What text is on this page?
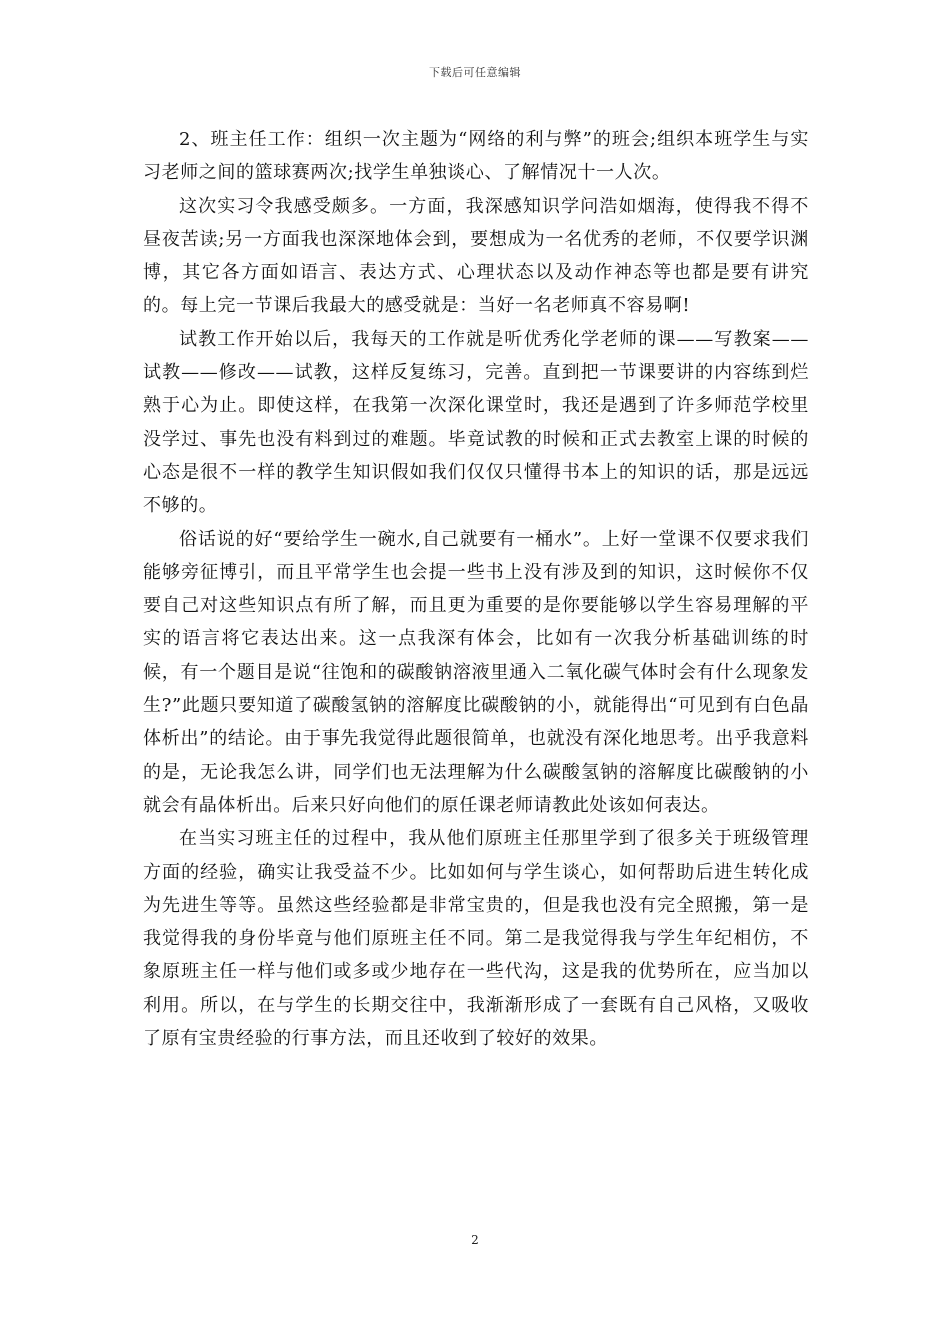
下载后可任意编辑

2、班主任工作：组织一次主题为“网络的利与弊”的班会;组织本班学生与实习老师之间的篮球赛两次;找学生单独谈心、了解情况十一人次。

这次实习令我感受颇多。一方面，我深感知识学问浩如烟海，使得我不得不昼夜苦读;另一方面我也深深地体会到，要想成为一名优秀的老师，不仅要学识渊博，其它各方面如语言、表达方式、心理状态以及动作神态等也都是要有讲究的。每上完一节课后我最大的感受就是：当好一名老师真不容易啊!

试教工作开始以后，我每天的工作就是听优秀化学老师的课——写教案——试教——修改——试教，这样反复练习，完善。直到把一节课要讲的内容练到烂熟于心为止。即使这样，在我第一次深化课堂时，我还是遇到了许多师范学校里没学过、事先也没有料到过的难题。毕竟试教的时候和正式去教室上课的时候的心态是很不一样的教学生知识假如我们仅仅只懂得书本上的知识的话，那是远远不够的。

俗话说的好“要给学生一碗水,自己就要有一桶水”。上好一堂课不仅要求我们能够旁征博引，而且平常学生也会提一些书上没有涉及到的知识，这时候你不仅要自己对这些知识点有所了解，而且更为重要的是你要能够以学生容易理解的平实的语言将它表达出来。这一点我深有体会，比如有一次我分析基础训练的时候，有一个题目是说“往饱和的碳酸钠溶液里通入二氧化碳气体时会有什么现象发生?”此题只要知道了碳酸氢钠的溶解度比碳酸钠的小，就能得出“可见到有白色晶体析出”的结论。由于事先我觉得此题很简单，也就没有深化地思考。出乎我意料的是，无论我怎么讲，同学们也无法理解为什么碳酸氢钠的溶解度比碳酸钠的小就会有晶体析出。后来只好向他们的原任课老师请教此处该如何表达。

在当实习班主任的过程中，我从他们原班主任那里学到了很多关于班级管理方面的经验，确实让我受益不少。比如如何与学生谈心，如何帮助后进生转化成为先进生等等。虽然这些经验都是非常宝贵的，但是我也没有完全照搬，第一是我觉得我的身份毕竟与他们原班主任不同。第二是我觉得我与学生年纪相仿，不象原班主任一样与他们或多或少地存在一些代沟，这是我的优势所在，应当加以利用。所以，在与学生的长期交往中，我渐渐形成了一套既有自己风格，又吸收了原有宝贵经验的行事方法，而且还收到了较好的效果。

2
